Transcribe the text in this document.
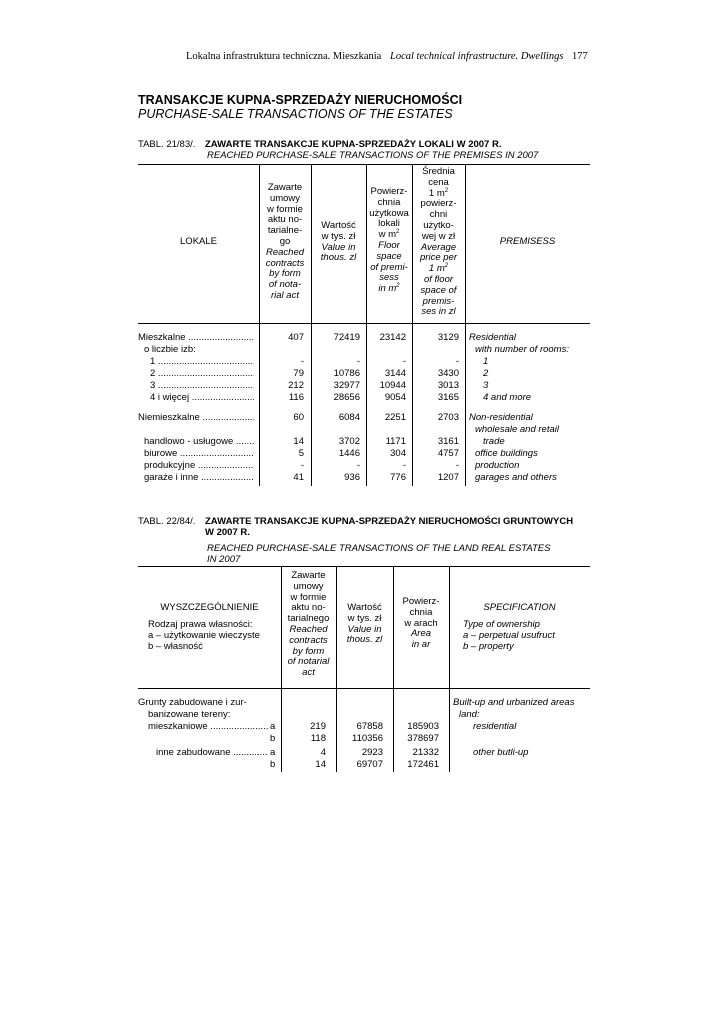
Lokalna infrastruktura techniczna. Mieszkania Local technical infrastructure. Dwellings 177
TRANSAKCJE KUPNA-SPRZEDAŻY NIERUCHOMOŚCI
PURCHASE-SALE TRANSACTIONS OF THE ESTATES
TABL. 21/83/. ZAWARTE TRANSAKCJE KUPNA-SPRZEDAŻY LOKALI W 2007 R.
REACHED PURCHASE-SALE TRANSACTIONS OF THE PREMISES IN 2007
LOKALE
Zawarte
umowy
w formie
aktu no-
tarialne-
go
Reached
contracts
by form
of nota-
rial act
Wartość
w tys. zł
Value in
thous. zl
Powierz-
chnia
użytkowa
lokali
w $m^2$
Floor
space
of premi-
sess
in $m^2$
Średnia
cena
1 $m^2$
powierz-
chni
użytko-
wej w zł
Average
price per
1 $m^2$
of floor
space of
premis-
ses in zl
PREMISESS
Mieszkalne .....	407	72419	23142	3129 Residential
o liczbie izb:	with number of rooms:
1 .....	-	-	-	-	1
2 .....	79	10786	3144	3430	2
3 .....	212	32977	10944	3013	3
4 i więcej .....	116	28656	9054	3165	4 and more
Niemieszkalne .....	60	6084	2251	2703 Non-residential
wholesale and retail
handlowo - usługowe .....	14	3702	1171	3161	trade
biurowe .....	5	1446	304	4757 office buildings
produkcyjne .....	-	-	-	- production
garaże i inne .....	41	936	776	1207 garages and others
TABL. 22/84/. ZAWARTE TRANSAKCJE KUPNA-SPRZEDAŻY NIERUCHOMOŚCI GRUNTOWYCH
W 2007 R.
REACHED PURCHASE-SALE TRANSACTIONS OF THE LAND REAL ESTATES
IN 2007
WYSZCZEGÓLNIENIE
Rodzaj prawa własności:
a – użytkowanie wieczyste
b – własność
Zawarte
umowy
w formie
aktu no-
tarialnego
Reached
contracts
by form
of notarial
act
Wartość
w tys. zł
Value in
thous. zl
Powierz-
chnia
w arach
Area
in ar
SPECIFICATION
Type of ownership
a – perpetual usufruct
b – property
Grunty zabudowane i zur-	Built-up and urbanized areas
banizowane tereny:	land:
mieszkaniowe .....	a	219	67858	185903	residential
b	118	110356	378697
inne zabudowane .....	a	4	2923	21332	other butli-up
b	14	69707	172461
